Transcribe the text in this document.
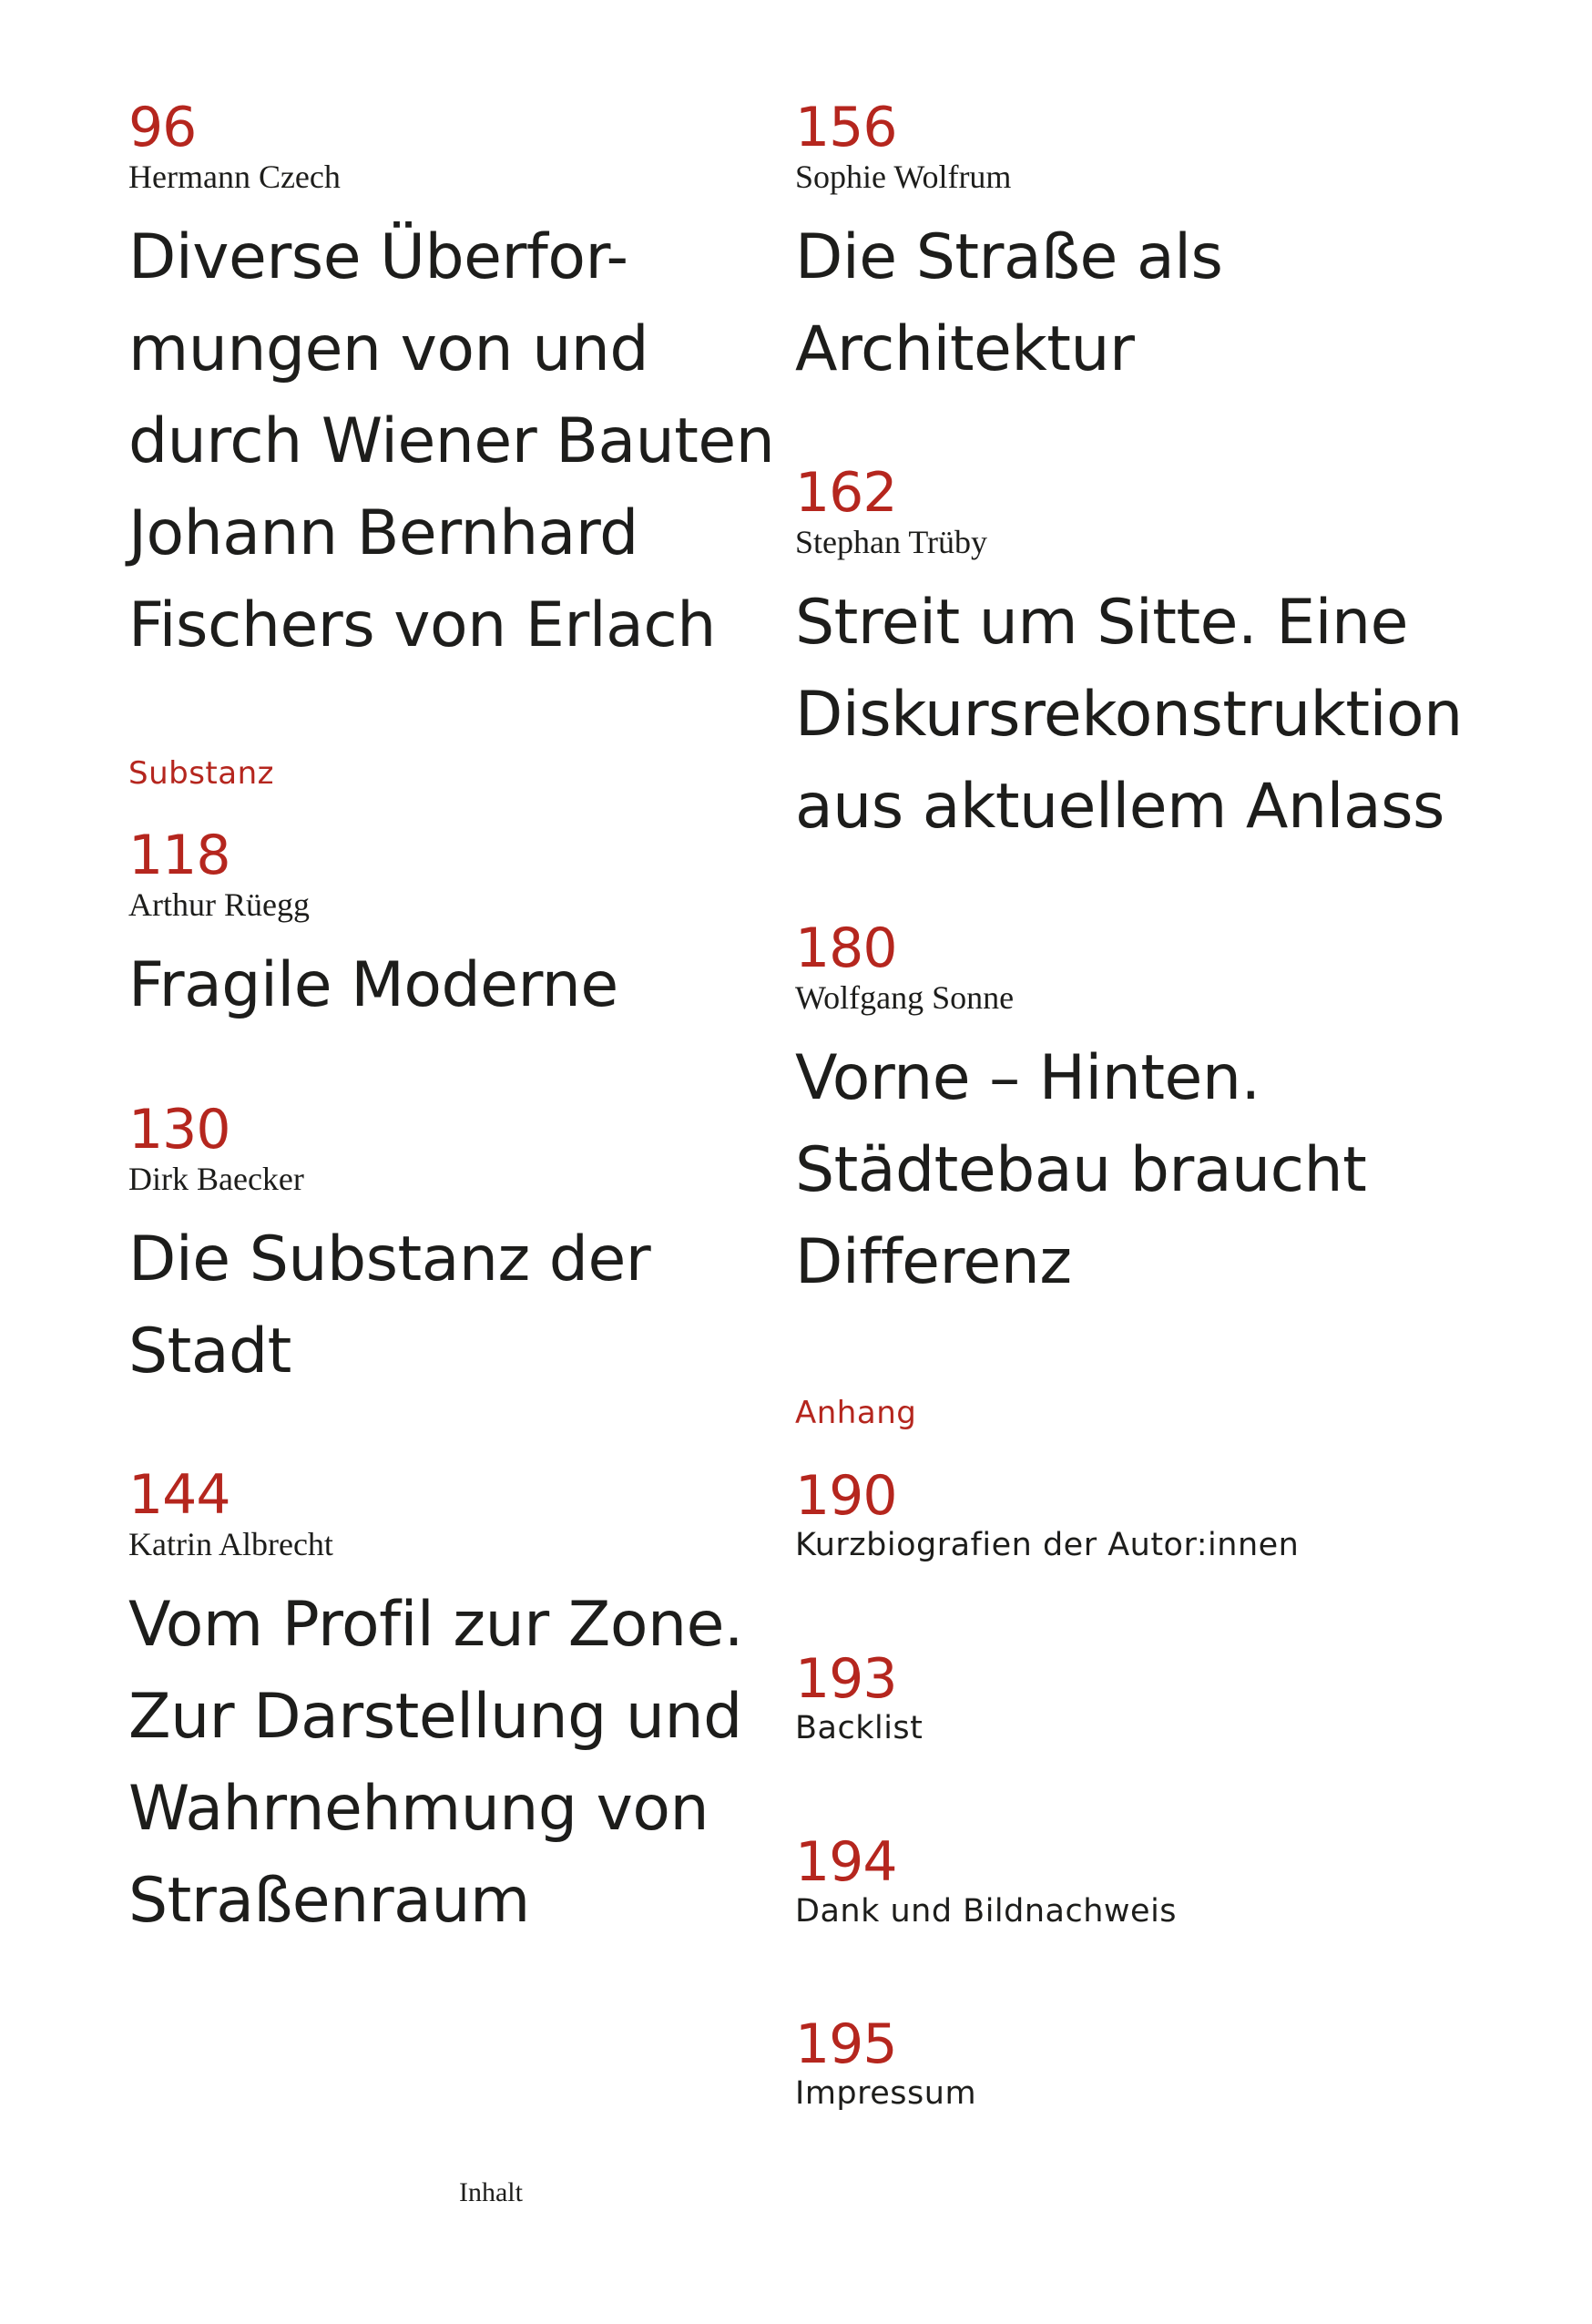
96
Hermann Czech
Diverse Überfor-
mungen von und
durch Wiener Bauten
Johann Bernhard
Fischers von Erlach
Substanz
118
Arthur Rüegg
Fragile Moderne
130
Dirk Baecker
Die Substanz der
Stadt
144
Katrin Albrecht
Vom Profil zur Zone.
Zur Darstellung und
Wahrnehmung von
Straßenraum
156
Sophie Wolfrum
Die Straße als
Architektur
162
Stephan Trüby
Streit um Sitte. Eine
Diskursrekonstruktion
aus aktuellem Anlass
180
Wolfgang Sonne
Vorne – Hinten.
Städtebau braucht
Differenz
Anhang
190
Kurzbiografien der Autor:innen
193
Backlist
194
Dank und Bildnachweis
195
Impressum
Inhalt
